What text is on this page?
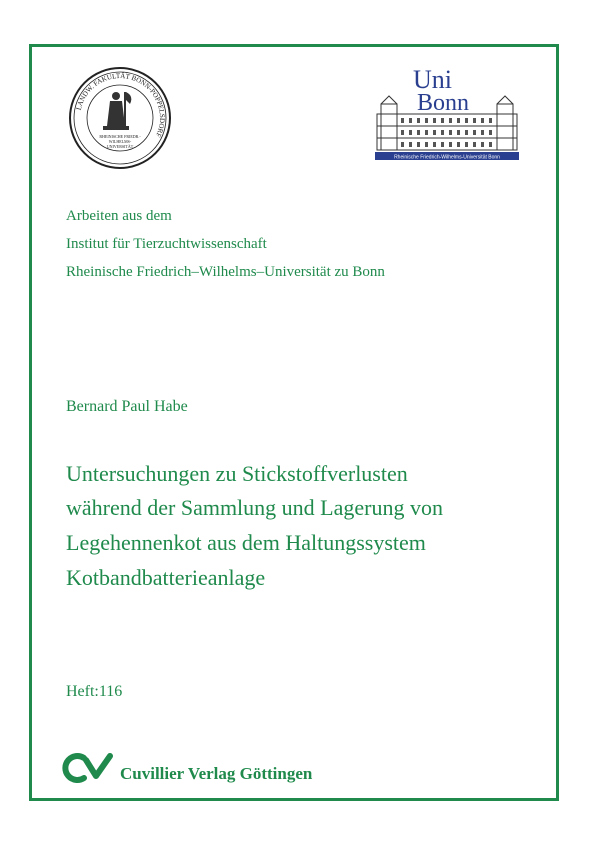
LANDW. FAKULTÄT BONN-POPPELSDORF
RHEINISCHE FRIEDR.-
WILHELMS-
UNIVERSITÄT
Uni
Bonn
Rheinische Friedrich-Wilhelms-Universität Bonn
Arbeiten aus dem
Institut für Tierzuchtwissenschaft
Rheinische Friedrich–Wilhelms–Universität zu Bonn
Bernard Paul Habe
Untersuchungen zu Stickstoffverlusten
während der Sammlung und Lagerung von
Legehennenkot aus dem Haltungssystem
Kotbandbatterieanlage
Heft:116
Cuvillier Verlag Göttingen
